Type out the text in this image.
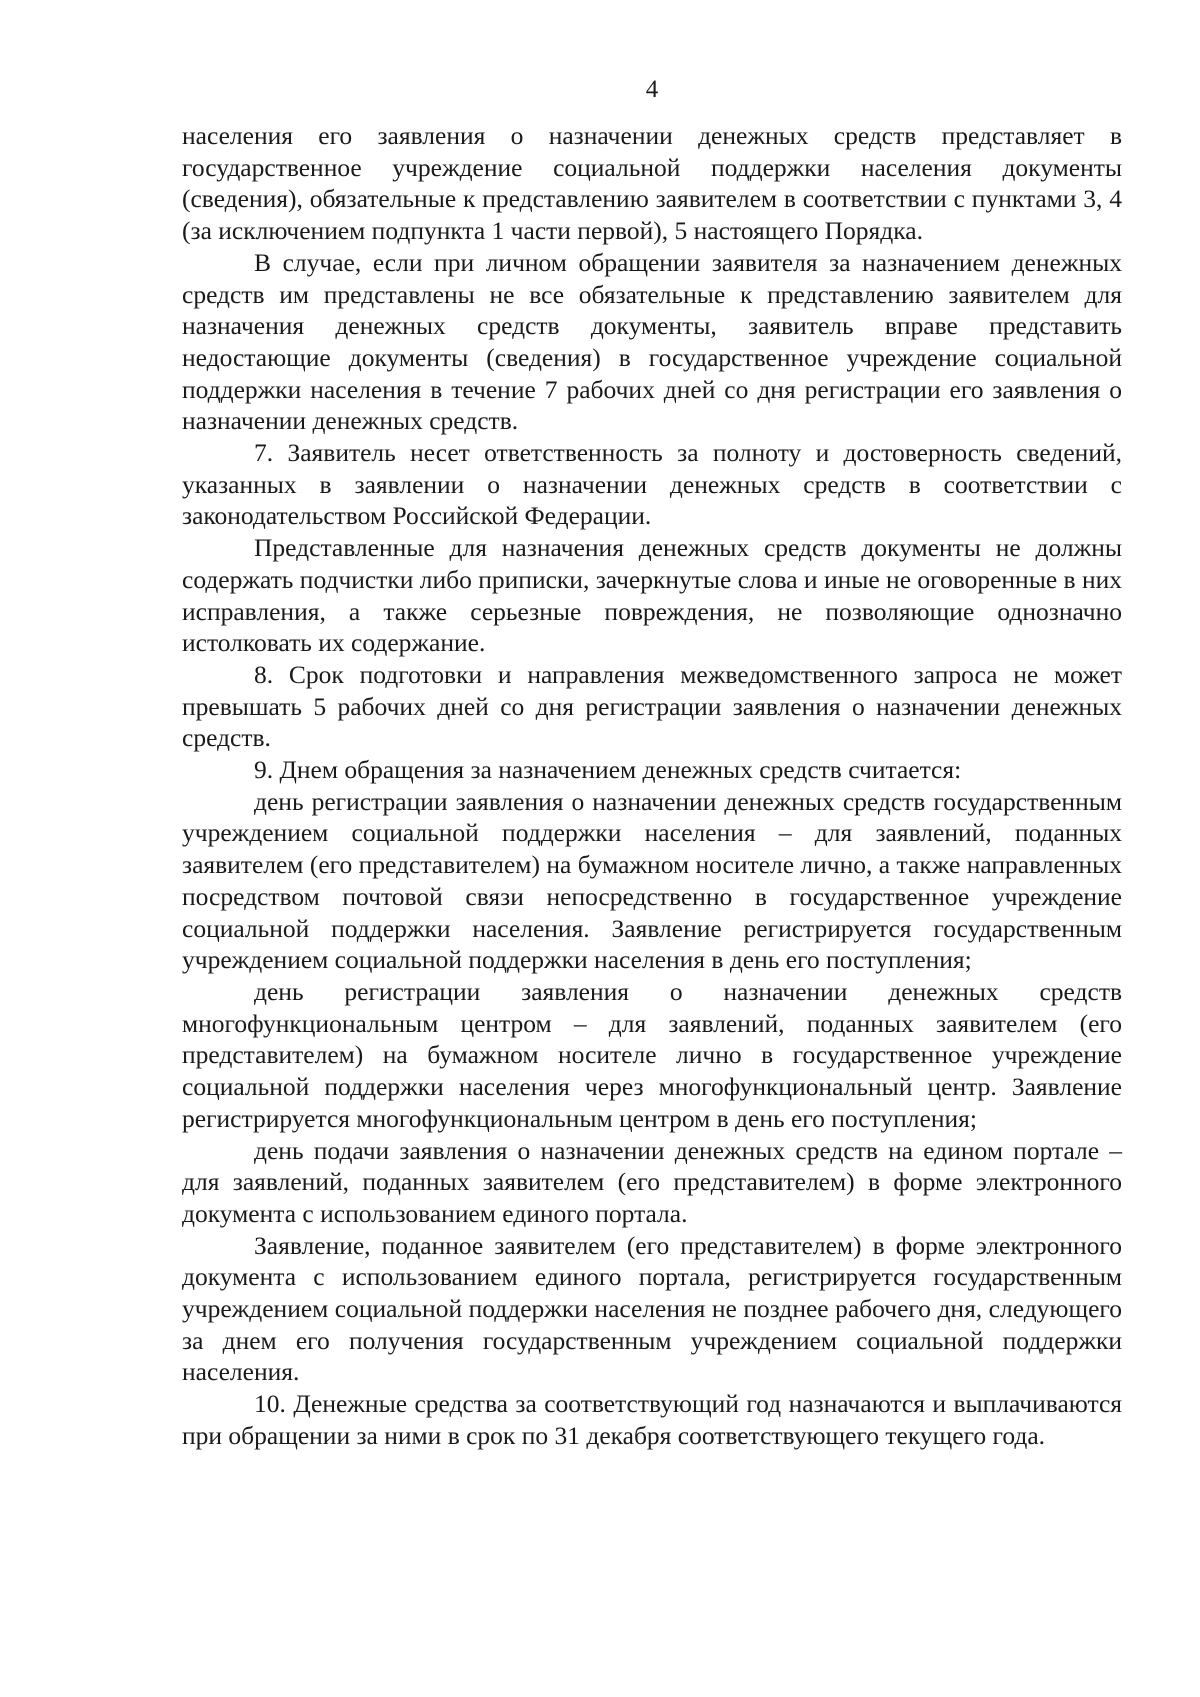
4

населения его заявления о назначении денежных средств представляет в государственное учреждение социальной поддержки населения документы (сведения), обязательные к представлению заявителем в соответствии с пунктами 3, 4 (за исключением подпункта 1 части первой), 5 настоящего Порядка.

В случае, если при личном обращении заявителя за назначением денежных средств им представлены не все обязательные к представлению заявителем для назначения денежных средств документы, заявитель вправе представить недостающие документы (сведения) в государственное учреждение социальной поддержки населения в течение 7 рабочих дней со дня регистрации его заявления о назначении денежных средств.

7. Заявитель несет ответственность за полноту и достоверность сведений, указанных в заявлении о назначении денежных средств в соответствии с законодательством Российской Федерации.

Представленные для назначения денежных средств документы не должны содержать подчистки либо приписки, зачеркнутые слова и иные не оговоренные в них исправления, а также серьезные повреждения, не позволяющие однозначно истолковать их содержание.

8. Срок подготовки и направления межведомственного запроса не может превышать 5 рабочих дней со дня регистрации заявления о назначении денежных средств.

9. Днем обращения за назначением денежных средств считается:

день регистрации заявления о назначении денежных средств государственным учреждением социальной поддержки населения – для заявлений, поданных заявителем (его представителем) на бумажном носителе лично, а также направленных посредством почтовой связи непосредственно в государственное учреждение социальной поддержки населения. Заявление регистрируется государственным учреждением социальной поддержки населения в день его поступления;

день регистрации заявления о назначении денежных средств многофункциональным центром – для заявлений, поданных заявителем (его представителем) на бумажном носителе лично в государственное учреждение социальной поддержки населения через многофункциональный центр. Заявление регистрируется многофункциональным центром в день его поступления;

день подачи заявления о назначении денежных средств на едином портале – для заявлений, поданных заявителем (его представителем) в форме электронного документа с использованием единого портала.

Заявление, поданное заявителем (его представителем) в форме электронного документа с использованием единого портала, регистрируется государственным учреждением социальной поддержки населения не позднее рабочего дня, следующего за днем его получения государственным учреждением социальной поддержки населения.

10. Денежные средства за соответствующий год назначаются и выплачиваются при обращении за ними в срок по 31 декабря соответствующего текущего года.
